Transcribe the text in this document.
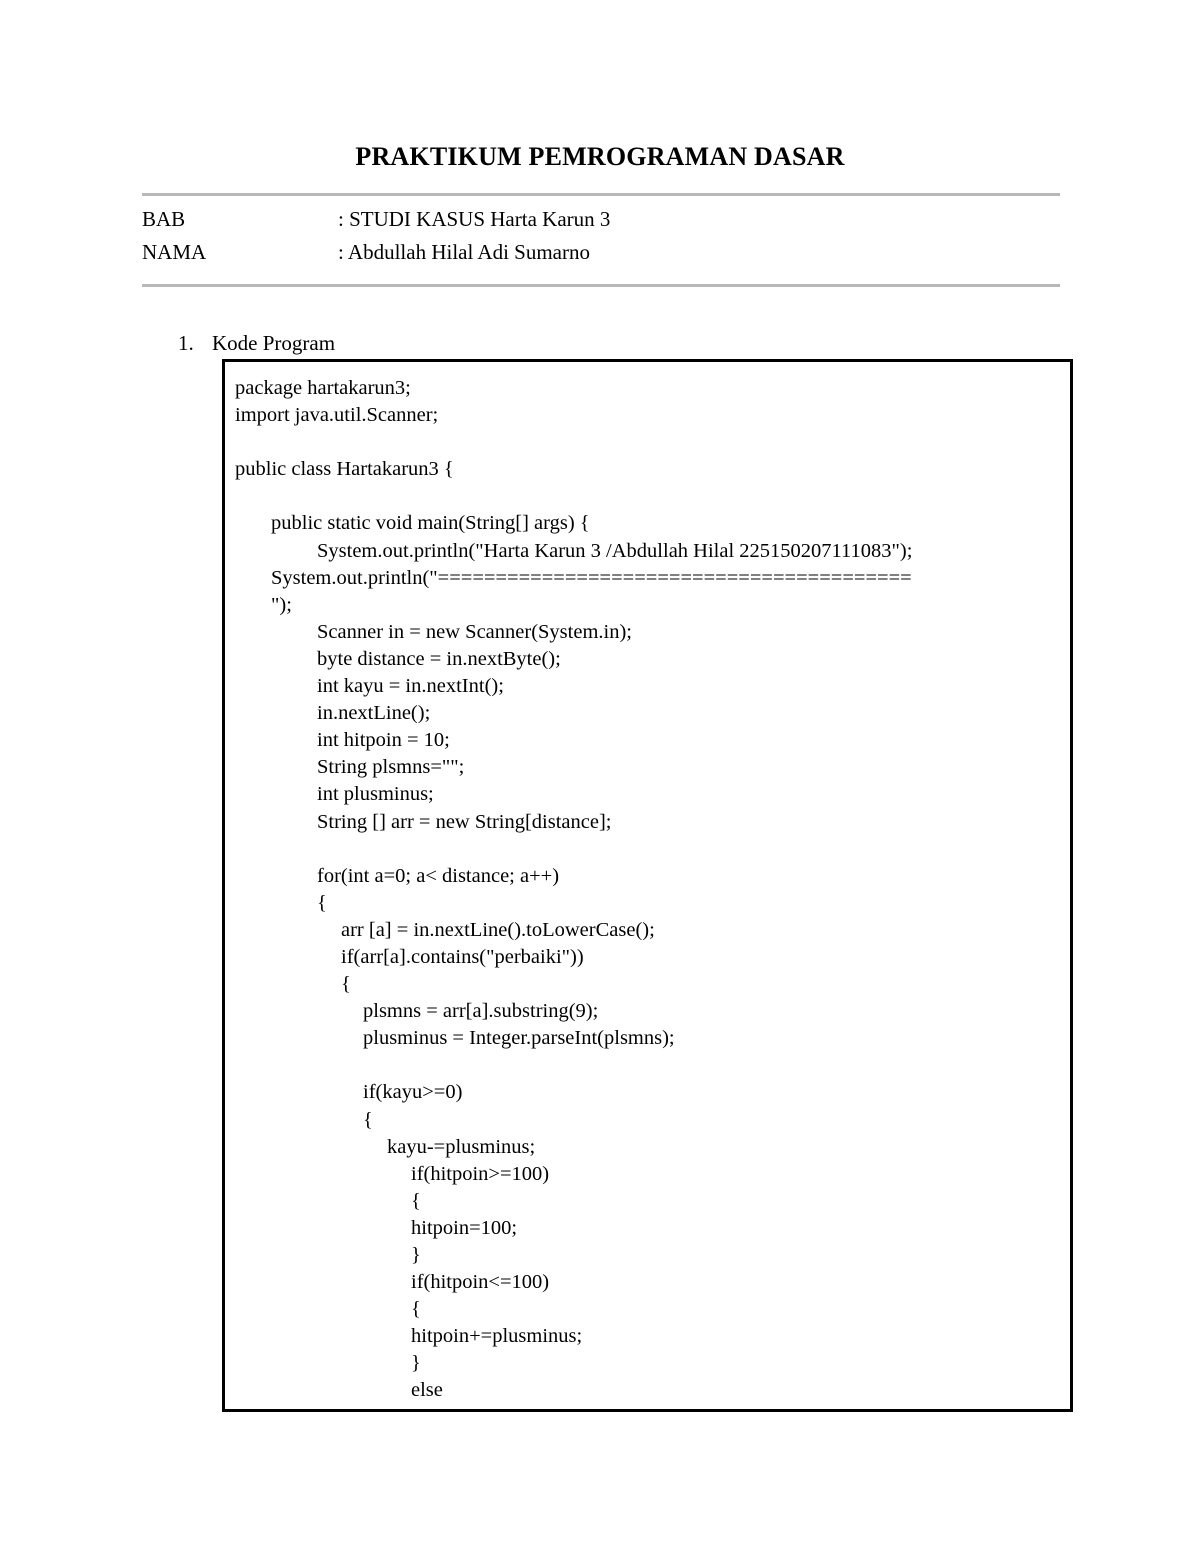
PRAKTIKUM PEMROGRAMAN DASAR
BAB	: STUDI KASUS Harta Karun 3
NAMA	: Abdullah Hilal Adi Sumarno
1. Kode Program
package hartakarun3;
import java.util.Scanner;
public class Hartakarun3 {
public static void main(String[] args) {
System.out.println("Harta Karun 3 /Abdullah Hilal 225150207111083");
System.out.println("=========================================
");
Scanner in = new Scanner(System.in);
byte distance = in.nextByte();
int kayu = in.nextInt();
in.nextLine();
int hitpoin = 10;
String plsmns="";
int plusminus;
String [] arr = new String[distance];
for(int a=0; a< distance; a++)
{
arr [a] = in.nextLine().toLowerCase();
if(arr[a].contains("perbaiki"))
{
plsmns = arr[a].substring(9);
plusminus = Integer.parseInt(plsmns);
if(kayu>=0)
{
kayu-=plusminus;
if(hitpoin>=100)
{
hitpoin=100;
}
if(hitpoin<=100)
{
hitpoin+=plusminus;
}
else
